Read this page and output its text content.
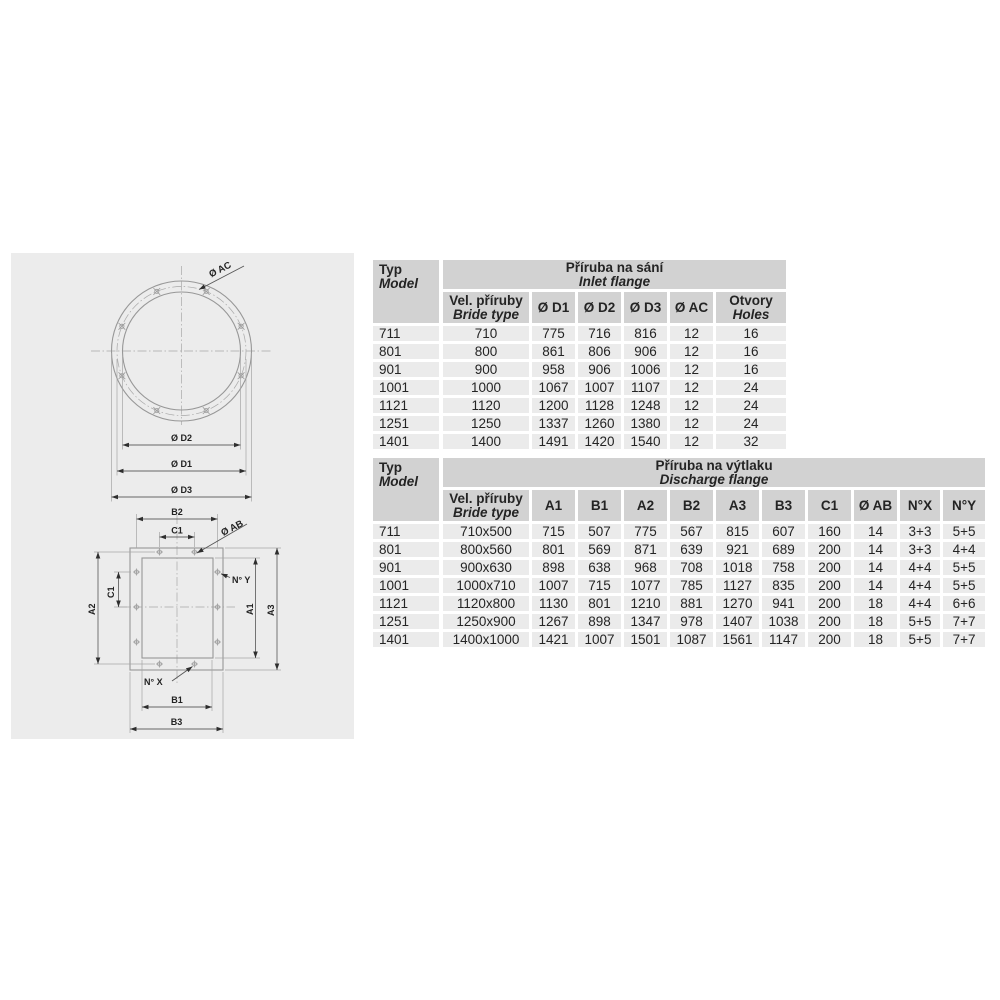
Ø AC
Ø D2
Ø D1
Ø D3
B2
C1	Ø AB
N° Y
C1
A2	A1 A3
N° X
B1
B3
Typ
Model	Příruba na sání
Inlet flange					

	Vel. příruby
Bride type	Ø D1	Ø D2	Ø D3	Ø AC	Otvory
Holes

711	710	775	716	816	12	16
801	800	861	806	906	12	16
901	900	958	906	1006	12	16
1001	1000	1067	1007	1107	12	24
1121	1120	1200	1128	1248	12	24
1251	1250	1337	1260	1380	12	24
1401	1400	1491	1420	1540	12	32
Typ
Model	Příruba na výtlaku
Discharge flange										

	Vel. příruby
Bride type	A1	B1	A2	B2	A3	B3	C1	Ø AB	N°X	N°Y
711	710x500	715	507	775	567	815	607	160	14	3+3	5+5
801	800x560	801	569	871	639	921	689	200	14	3+3	4+4
901	900x630	898	638	968	708	1018	758	200	14	4+4	5+5
1001	1000x710	1007	715	1077	785	1127	835	200	14	4+4	5+5
1121	1120x800	1130	801	1210	881	1270	941	200	18	4+4	6+6
1251	1250x900	1267	898	1347	978	1407	1038	200	18	5+5	7+7
1401	1400x1000	1421	1007	1501	1087	1561	1147	200	18	5+5	7+7
